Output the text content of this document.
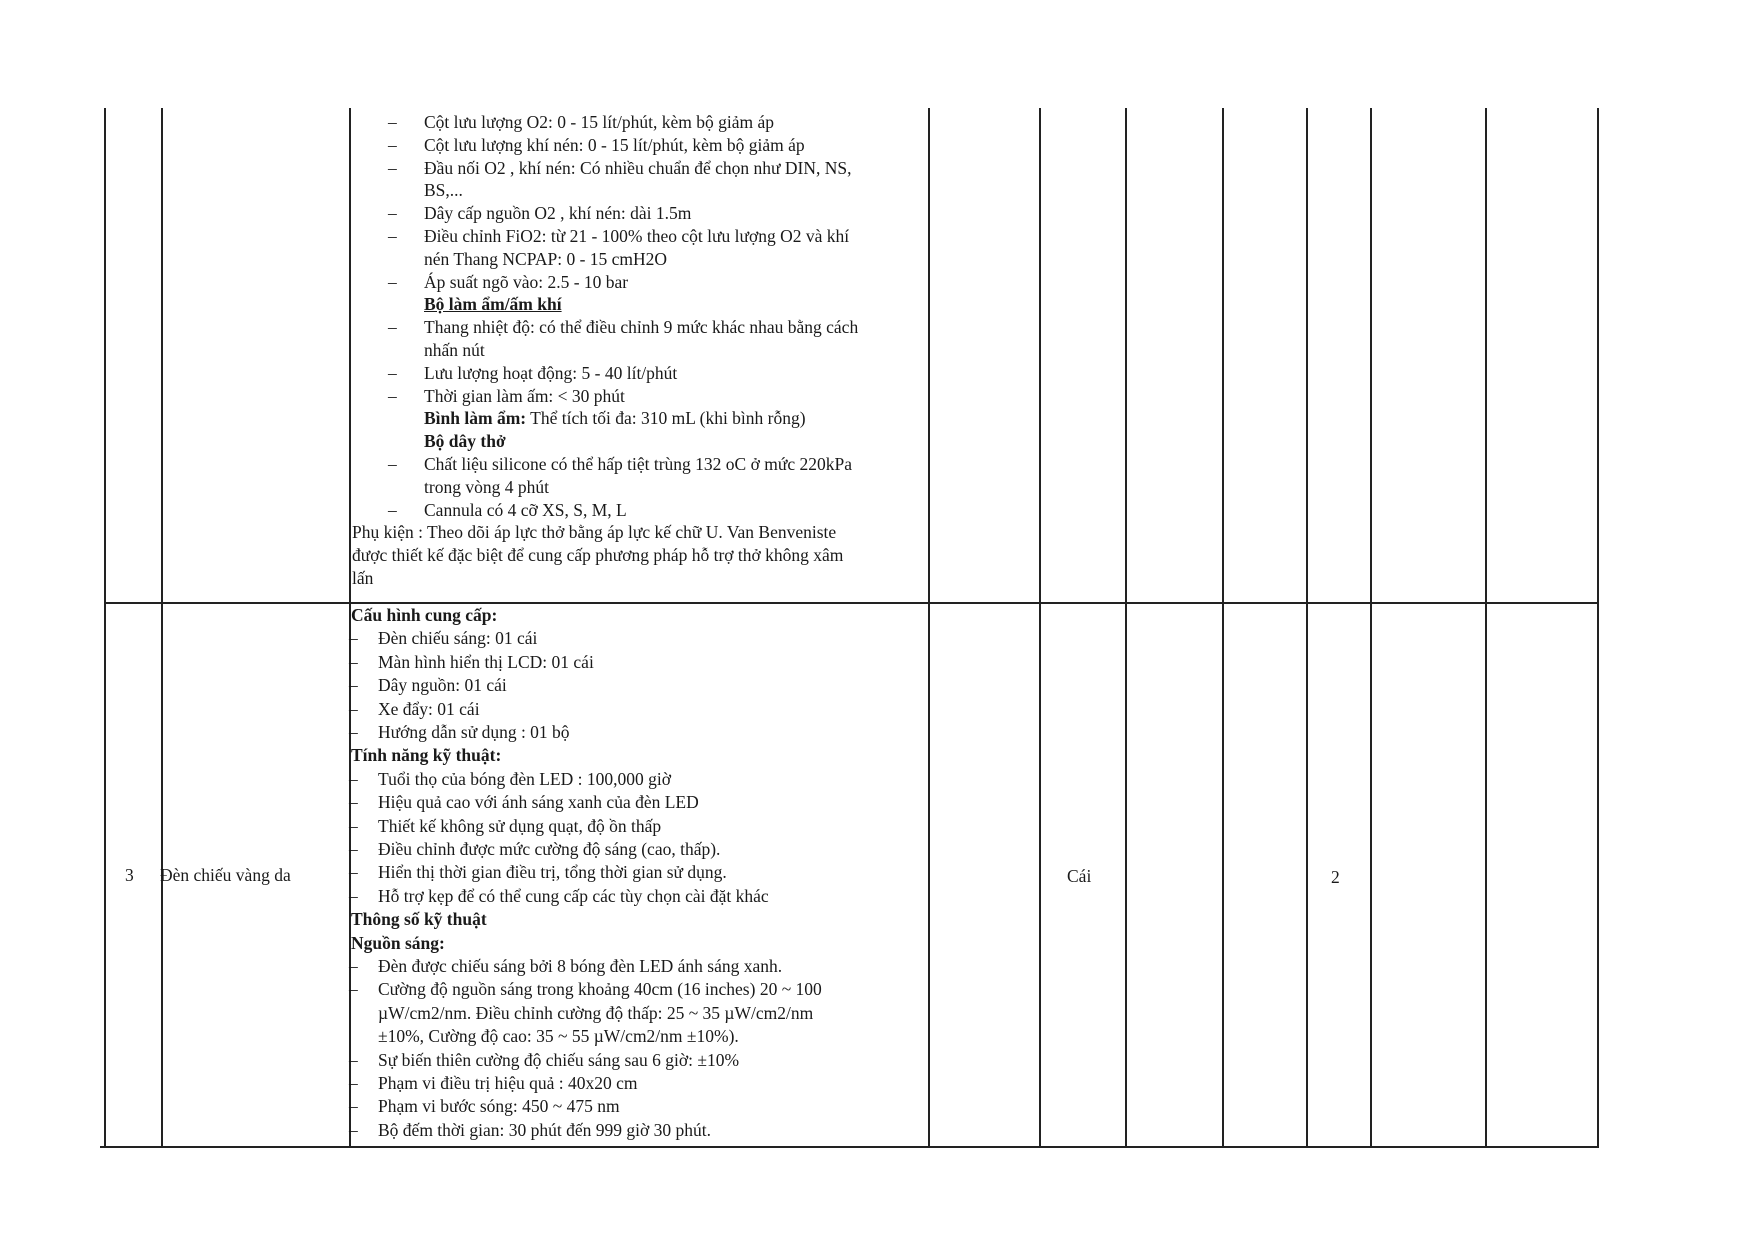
– Cột lưu lượng O2: 0 - 15 lít/phút, kèm bộ giảm áp
– Cột lưu lượng khí nén: 0 - 15 lít/phút, kèm bộ giảm áp
– Đầu nối O2 , khí nén: Có nhiều chuẩn để chọn như DIN, NS,
BS,...
– Dây cấp nguồn O2 , khí nén: dài 1.5m
– Điều chỉnh FiO2: từ 21 - 100% theo cột lưu lượng O2 và khí
nén Thang NCPAP: 0 - 15 cmH2O
– Áp suất ngõ vào: 2.5 - 10 bar
Bộ làm ẩm/ấm khí
– Thang nhiệt độ: có thể điều chỉnh 9 mức khác nhau bằng cách
nhấn nút
– Lưu lượng hoạt động: 5 - 40 lít/phút
– Thời gian làm ấm: < 30 phút
Bình làm ẩm: Thể tích tối đa: 310 mL (khi bình rỗng)
Bộ dây thở
– Chất liệu silicone có thể hấp tiệt trùng 132 oC ở mức 220kPa
trong vòng 4 phút
– Cannula có 4 cỡ XS, S, M, L
Phụ kiện : Theo dõi áp lực thở bằng áp lực kế chữ U. Van Benveniste
được thiết kế đặc biệt để cung cấp phương pháp hỗ trợ thở không xâm
lấn
3 Đèn chiếu vàng da	Cái	2
Cấu hình cung cấp:
– Đèn chiếu sáng: 01 cái
– Màn hình hiển thị LCD: 01 cái
– Dây nguồn: 01 cái
– Xe đẩy: 01 cái
– Hướng dẫn sử dụng : 01 bộ
Tính năng kỹ thuật:
– Tuổi thọ của bóng đèn LED : 100,000 giờ
– Hiệu quả cao với ánh sáng xanh của đèn LED
– Thiết kế không sử dụng quạt, độ ồn thấp
– Điều chỉnh được mức cường độ sáng (cao, thấp).
– Hiển thị thời gian điều trị, tổng thời gian sử dụng.
– Hỗ trợ kẹp để có thể cung cấp các tùy chọn cài đặt khác
Thông số kỹ thuật
Nguồn sáng:
– Đèn được chiếu sáng bởi 8 bóng đèn LED ánh sáng xanh.
– Cường độ nguồn sáng trong khoảng 40cm (16 inches) 20 ~ 100
µW/cm2/nm. Điều chỉnh cường độ thấp: 25 ~ 35 µW/cm2/nm
±10%, Cường độ cao: 35 ~ 55 µW/cm2/nm ±10%).
– Sự biến thiên cường độ chiếu sáng sau 6 giờ: ±10%
– Phạm vi điều trị hiệu quả : 40x20 cm
– Phạm vi bước sóng: 450 ~ 475 nm
– Bộ đếm thời gian: 30 phút đến 999 giờ 30 phút.
